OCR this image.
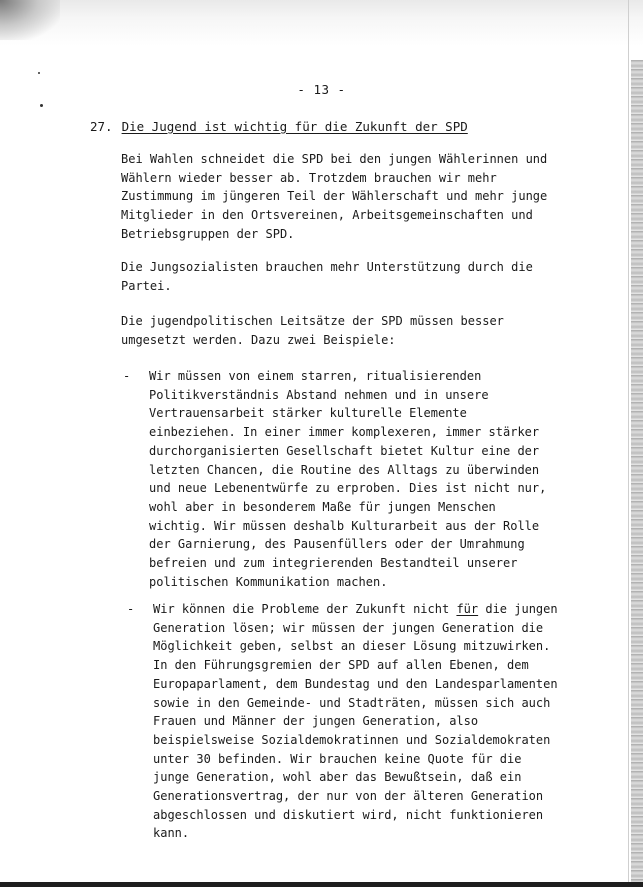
- 13 -
27. Die Jugend ist wichtig für die Zukunft der SPD
Bei Wahlen schneidet die SPD bei den jungen Wählerinnen und
Wählern wieder besser ab. Trotzdem brauchen wir mehr
Zustimmung im jüngeren Teil der Wählerschaft und mehr junge
Mitglieder in den Ortsvereinen, Arbeitsgemeinschaften und
Betriebsgruppen der SPD.
Die Jungsozialisten brauchen mehr Unterstützung durch die
Partei.
Die jugendpolitischen Leitsätze der SPD müssen besser
umgesetzt werden. Dazu zwei Beispiele:
- Wir müssen von einem starren, ritualisierenden
Politikverständnis Abstand nehmen und in unsere
Vertrauensarbeit stärker kulturelle Elemente
einbeziehen. In einer immer komplexeren, immer stärker
durchorganisierten Gesellschaft bietet Kultur eine der
letzten Chancen, die Routine des Alltags zu überwinden
und neue Lebenentwürfe zu erproben. Dies ist nicht nur,
wohl aber in besonderem Maße für jungen Menschen
wichtig. Wir müssen deshalb Kulturarbeit aus der Rolle
der Garnierung, des Pausenfüllers oder der Umrahmung
befreien und zum integrierenden Bestandteil unserer
politischen Kommunikation machen.
- Wir können die Probleme der Zukunft nicht für die jungen
Generation lösen; wir müssen der jungen Generation die
Möglichkeit geben, selbst an dieser Lösung mitzuwirken.
In den Führungsgremien der SPD auf allen Ebenen, dem
Europaparlament, dem Bundestag und den Landesparlamenten
sowie in den Gemeinde- und Stadträten, müssen sich auch
Frauen und Männer der jungen Generation, also
beispielsweise Sozialdemokratinnen und Sozialdemokraten
unter 30 befinden. Wir brauchen keine Quote für die
junge Generation, wohl aber das Bewußtsein, daß ein
Generationsvertrag, der nur von der älteren Generation
abgeschlossen und diskutiert wird, nicht funktionieren
kann.
